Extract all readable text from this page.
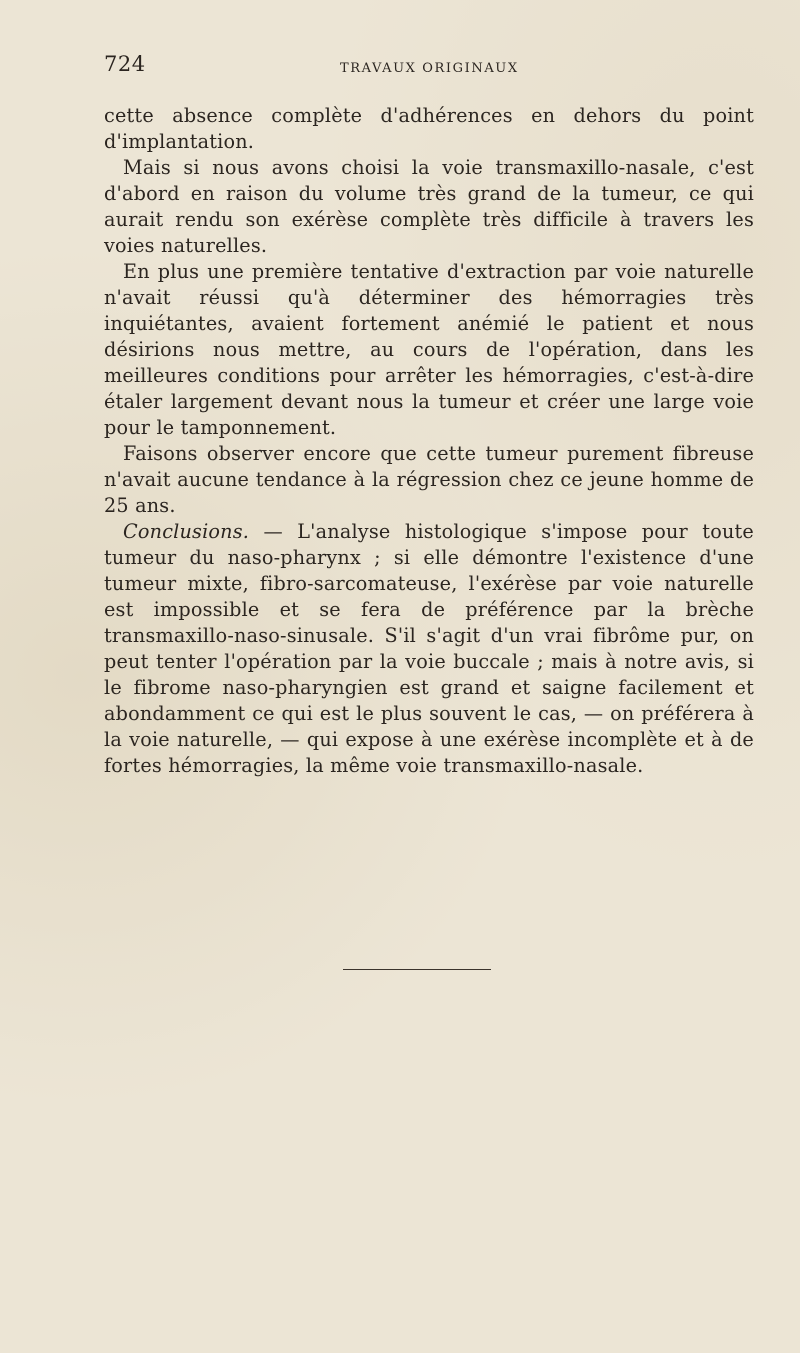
724	TRAVAUX ORIGINAUX

cette absence complète d'adhérences en dehors du point d'implantation.

Mais si nous avons choisi la voie transmaxillo-nasale, c'est d'abord en raison du volume très grand de la tumeur, ce qui aurait rendu son exérèse complète très difficile à travers les voies naturelles.

En plus une première tentative d'extraction par voie naturelle n'avait réussi qu'à déterminer des hémorragies très inquiétantes, avaient fortement anémié le patient et nous désirions nous mettre, au cours de l'opération, dans les meilleures conditions pour arrêter les hémorragies, c'est-à-dire étaler largement devant nous la tumeur et créer une large voie pour le tamponnement.

Faisons observer encore que cette tumeur purement fibreuse n'avait aucune tendance à la régression chez ce jeune homme de 25 ans.

Conclusions. — L'analyse histologique s'impose pour toute tumeur du naso-pharynx ; si elle démontre l'existence d'une tumeur mixte, fibro-sarcomateuse, l'exérèse par voie naturelle est impossible et se fera de préférence par la brèche transmaxillo-naso-sinusale. S'il s'agit d'un vrai fibrôme pur, on peut tenter l'opération par la voie buccale ; mais à notre avis, si le fibrome naso-pharyngien est grand et saigne facilement et abondamment ce qui est le plus souvent le cas, — on préférera à la voie naturelle, — qui expose à une exérèse incomplète et à de fortes hémorragies, la même voie transmaxillo-nasale.
